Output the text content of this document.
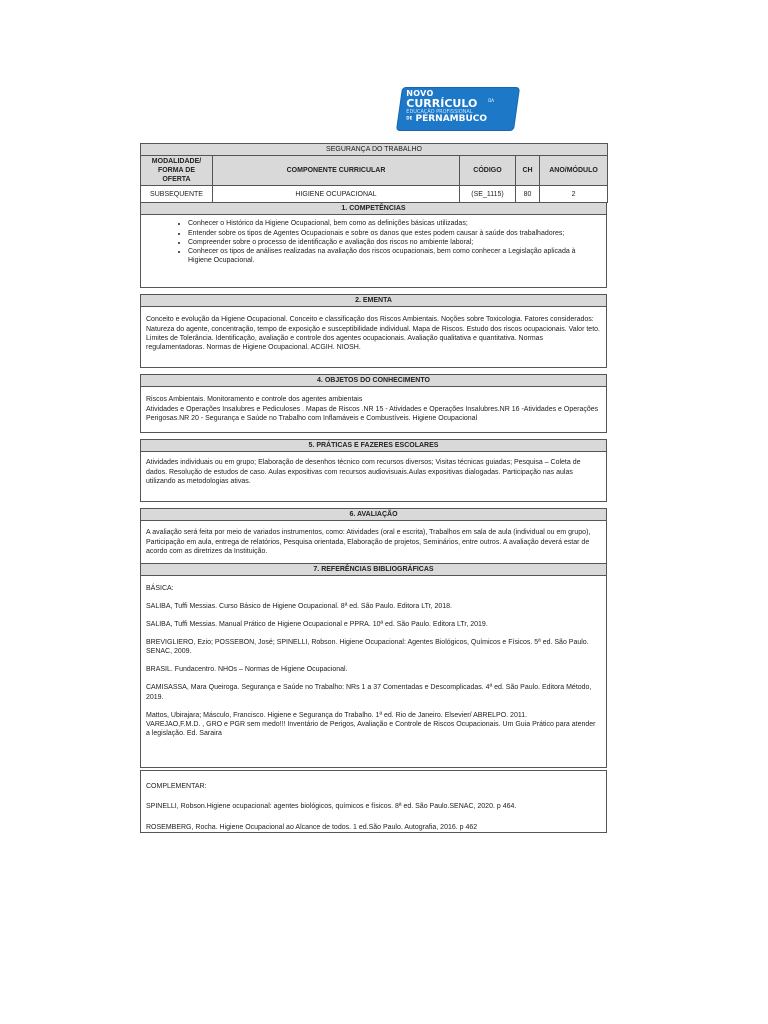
NOVO
CURRÍCULO	DA
EDUCAÇÃO PROFISSIONAL
DE PERNAMBUCO
SEGURANÇA DO TRABALHO				
MODALIDADE/ FORMA DE OFERTA	COMPONENTE CURRICULAR	CÓDIGO	CH	ANO/MÓDULO
SUBSEQUENTE	HIGIENE OCUPACIONAL	(SE_1115)	80	2
1. COMPETÊNCIAS
• Conhecer o Histórico da Higiene Ocupacional, bem como as definições básicas utilizadas;
• Entender sobre os tipos de Agentes Ocupacionais e sobre os danos que estes podem causar à saúde dos trabalhadores;
• Compreender sobre o processo de identificação e avaliação dos riscos no ambiente laboral;
• Conhecer os tipos de análises realizadas na avaliação dos riscos ocupacionais, bem como conhecer a Legislação aplicada à Higiene Ocupacional.
2. EMENTA
Conceito e evolução da Higiene Ocupacional. Conceito e classificação dos Riscos Ambientais. Noções sobre Toxicologia. Fatores considerados: Natureza do agente, concentração, tempo de exposição e susceptibilidade individual. Mapa de Riscos. Estudo dos riscos ocupacionais. Valor teto. Limites de Tolerância. Identificação, avaliação e controle dos agentes ocupacionais. Avaliação qualitativa e quantitativa. Normas regulamentadoras. Normas de Higiene Ocupacional. ACGIH. NIOSH.
4. OBJETOS DO CONHECIMENTO
Riscos Ambientais. Monitoramento e controle dos agentes ambientais
Atividades e Operações Insalubres e Pediculoses . Mapas de Riscos .NR 15 - Atividades e Operações Insalubres.NR 16 -Atividades e Operações Perigosas.NR 20 - Segurança e Saúde no Trabalho com Inflamáveis e Combustíveis. Higiene Ocupacional
5. PRÁTICAS E FAZERES ESCOLARES
Atividades individuais ou em grupo; Elaboração de desenhos técnico com recursos diversos; Visitas técnicas guiadas; Pesquisa – Coleta de dados. Resolução de estudos de caso. Aulas expositivas com recursos audiovisuais.Aulas expositivas dialogadas. Participação nas aulas utilizando as metodologias ativas.
6. AVALIAÇÃO
A avaliação será feita por meio de variados instrumentos, como: Atividades (oral e escrita), Trabalhos em sala de aula (individual ou em grupo), Participação em aula, entrega de relatórios, Pesquisa orientada, Elaboração de projetos, Seminários, entre outros. A avaliação deverá estar de acordo com as diretrizes da Instituição.
7. REFERÊNCIAS BIBLIOGRÁFICAS

BÁSICA:

SALIBA, Tuffi Messias. Curso Básico de Higiene Ocupacional. 8ª ed. São Paulo. Editora LTr, 2018.

SALIBA, Tuffi Messias. Manual Prático de Higiene Ocupacional e PPRA. 10ª ed. São Paulo. Editora LTr, 2019.

BREVIGLIERO, Ezio; POSSEBON, José; SPINELLI, Robson. Higiene Ocupacional: Agentes Biológicos, Químicos e Físicos. 5ª ed. São Paulo. SENAC, 2009.

BRASIL. Fundacentro. NHOs – Normas de Higiene Ocupacional.

CAMISASSA, Mara Queiroga. Segurança e Saúde no Trabalho: NRs 1 a 37 Comentadas e Descomplicadas. 4ª ed. São Paulo. Editora Método, 2019.

Mattos, Ubirajara; Másculo, Francisco. Higiene e Segurança do Trabalho. 1ª ed. Rio de Janeiro. Elsevier/ ABRELPO. 2011.

VAREJAO,F.M.D. , GRO e PGR sem medo!!! Inventário de Perigos, Avaliação e Controle de Riscos Ocupacionais. Um Guia Prático para atender a legislação. Ed. Saraira

COMPLEMENTAR:

SPINELLI, Robson.Higiene ocupacional: agentes biológicos, químicos e físicos. 8ª ed. São Paulo.SENAC, 2020. p 464.

ROSEMBERG, Rocha. Higiene Ocupacional ao Alcance de todos. 1 ed.São Paulo. Autografia, 2016. p 462
